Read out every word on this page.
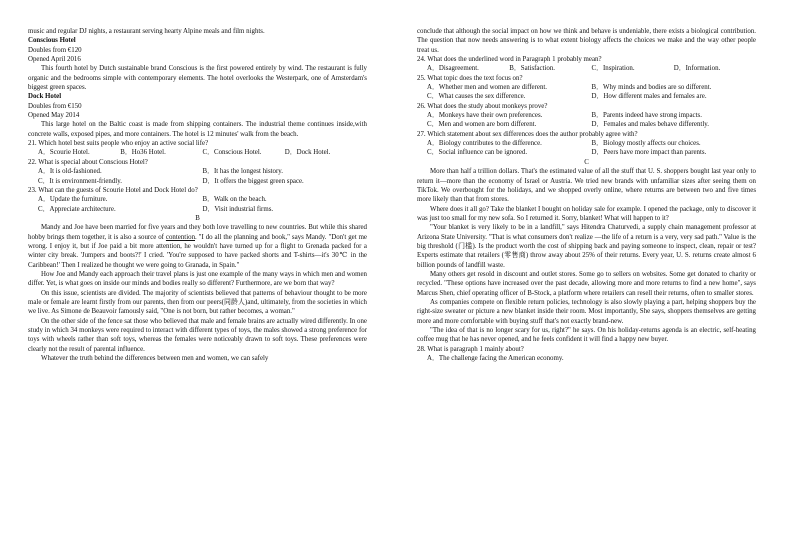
music and regular DJ nights, a restaurant serving hearty Alpine meals and film nights.

Conscious Hotel

Doubles from €120

Opened April 2016

This fourth hotel by Dutch sustainable brand Conscious is the first powered entirely by wind. The restaurant is fully organic and the bedrooms simple with contemporary elements. The hotel overlooks the Westerpark, one of Amsterdam's biggest green spaces.

Dock Hotel

Doubles from €150

Opened May 2014

This large hotel on the Baltic coast is made from shipping containers. The industrial theme continues inside,with concrete walls, exposed pipes, and more containers. The hotel is 12 minutes' walk from the beach.

21. Which hotel best suits people who enjoy an active social life?

A．Scourie Hotel.	B．Ho36 Hotel.	C．Conscious Hotel.	D．Dock Hotel.

22. What is special about Conscious Hotel?

A．It is old-fashioned.	B．It has the longest history.
C．It is environment-friendly.	D．It offers the biggest green space.

23. What can the guests of Scourie Hotel and Dock Hotel do?

A．Update the furniture.	B．Walk on the beach.
C．Appreciate architecture.	D．Visit industrial firms.

B

Mandy and Joe have been married for five years and they both love travelling to new countries. But while this shared hobby brings them together, it is also a source of contention. "I do all the planning and book," says Mandy. "Don't get me wrong. I enjoy it, but if Joe paid a bit more attention, he wouldn't have turned up for a flight to Grenada packed for a winter city break. 'Jumpers and boots?!' I cried. 'You're supposed to have packed shorts and T-shirts—it's 30℃ in the Caribbean!' Then I realized he thought we were going to Granada, in Spain."

How Joe and Mandy each approach their travel plans is just one example of the many ways in which men and women differ. Yet, is what goes on inside our minds and bodies really so different? Furthermore, are we born that way?

On this issue, scientists are divided. The majority of scientists believed that patterns of behaviour thought to be more male or female are learnt firstly from our parents, then from our peers(同龄人)and, ultimately, from the societies in which we live. As Simone de Beauvoir famously said, "One is not born, but rather becomes, a woman."

On the other side of the fence sat those who believed that male and female brains are actually wired differently. In one study in which 34 monkeys were required to interact with different types of toys, the males showed a strong preference for toys with wheels rather than soft toys, whereas the females were noticeably drawn to soft toys. These preferences were clearly not the result of parental influence.

Whatever the truth behind the differences between men and women, we can safely

conclude that although the social impact on how we think and behave is undeniable, there exists a biological contribution. The question that now needs answering is to what extent biology affects the choices we make and the way other people treat us.

24. What does the underlined word in Paragraph 1 probably mean?

A．Disagreement.	B．Satisfaction.	C．Inspiration.	D．Information.

25. What topic does the text focus on?

A．Whether men and women are different.	B．Why minds and bodies are so different.
C．What causes the sex difference.	D．How different males and females are.

26. What does the study about monkeys prove?

A．Monkeys have their own preferences.	B．Parents indeed have strong impacts.
C．Men and women are born different.	D．Females and males behave differently.

27. Which statement about sex differences does the author probably agree with?

A．Biology contributes to the difference.	B．Biology mostly affects our choices.
C．Social influence can be ignored.	D．Peers have more impact than parents.

C

More than half a trillion dollars. That's the estimated value of all the stuff that U. S. shoppers bought last year only to return it—more than the economy of Israel or Austria. We tried new brands with unfamiliar sizes after seeing them on TikTok. We overbought for the holidays, and we shopped overly online, where returns are between two and five times more likely than that from stores.

Where does it all go? Take the blanket I bought on holiday sale for example. I opened the package, only to discover it was just too small for my new sofa. So I returned it. Sorry, blanket! What will happen to it?

"Your blanket is very likely to be in a landfill," says Hitendra Chaturvedi, a supply chain management professor at Arizona State University. "That is what consumers don't realize —the life of a return is a very, very sad path." Value is the big threshold (门槛). Is the product worth the cost of shipping back and paying someone to inspect, clean, repair or test? Experts estimate that retailers (零售商) throw away about 25% of their returns. Every year, U. S. returns create almost 6 billion pounds of landfill waste.

Many others get resold in discount and outlet stores. Some go to sellers on websites. Some get donated to charity or recycled. "These options have increased over the past decade, allowing more and more returns to find a new home", says Marcus Shen, chief operating officer of B-Stock, a platform where retailers can resell their returns, often to smaller stores.

As companies compete on flexible return policies, technology is also slowly playing a part, helping shoppers buy the right-size sweater or picture a new blanket inside their room. Most importantly, She says, shoppers themselves are getting more and more comfortable with buying stuff that's not exactly brand-new.

"The idea of that is no longer scary for us, right?" he says. On his holiday-returns agenda is an electric, self-heating coffee mug that he has never opened, and he feels confident it will find a happy new buyer.

28. What is paragraph 1 mainly about?

A．The challenge facing the American economy.
